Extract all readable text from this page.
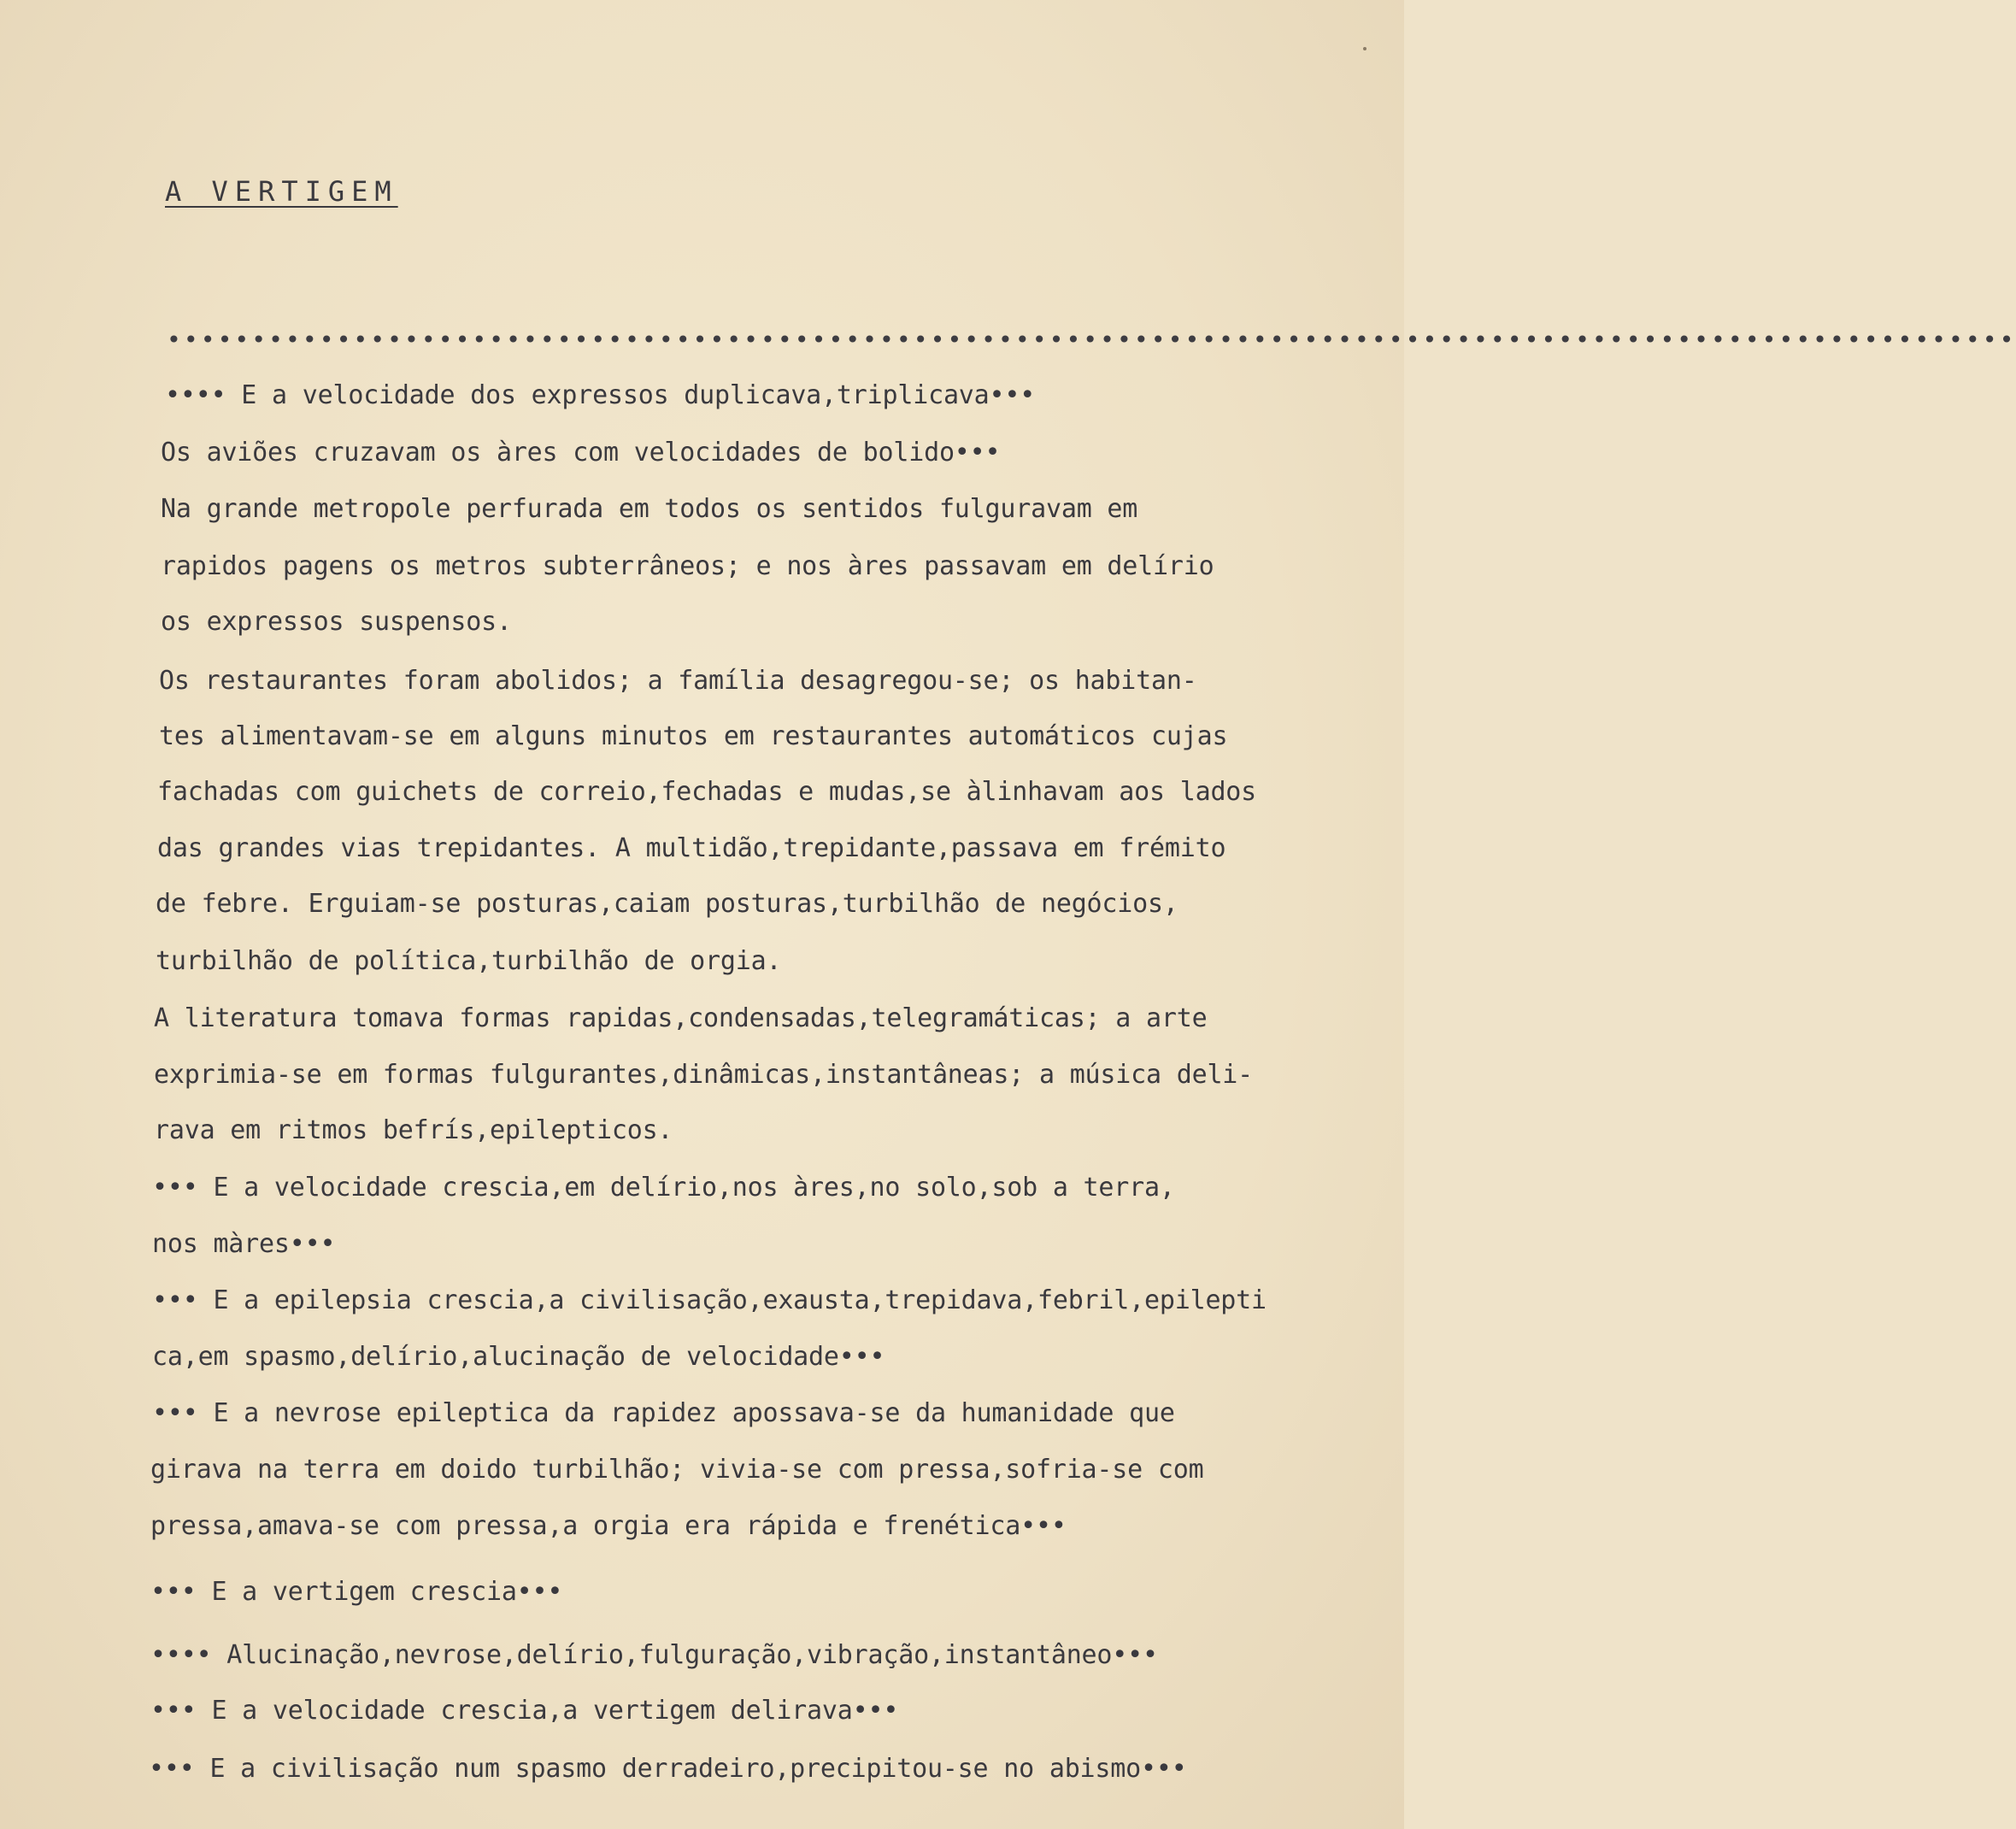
A VERTIGEM
•••••••••••••••••••••••••••••••••••••••••••••••••••••••••••••••••••••••••••••••••••••••••••••••••••••••••••••

•••• E a velocidade dos expressos duplicava,triplicava•••

Os aviões cruzavam os àres com velocidades de bolido•••

Na grande metropole perfurada em todos os sentidos fulguravam em

rapidos pagens os metros subterrâneos; e nos àres passavam em delírio

os expressos suspensos.

Os restaurantes foram abolidos; a família desagregou-se; os habitan-

tes alimentavam-se em alguns minutos em restaurantes automáticos cujas

fachadas com guichets de correio,fechadas e mudas,se àlinhavam aos lados

das grandes vias trepidantes. A multidão,trepidante,passava em frémito

de febre. Erguiam-se posturas,caiam posturas,turbilhão de negócios,

turbilhão de política,turbilhão de orgia.

A literatura tomava formas rapidas,condensadas,telegramáticas; a arte

exprimia-se em formas fulgurantes,dinâmicas,instantâneas; a música deli-

rava em ritmos befrís,epilepticos.

••• E a velocidade crescia,em delírio,nos àres,no solo,sob a terra,

nos màres•••

••• E a epilepsia crescia,a civilisação,exausta,trepidava,febril,epilepti

ca,em spasmo,delírio,alucinação de velocidade•••

••• E a nevrose epileptica da rapidez apossava-se da humanidade que

girava na terra em doido turbilhão; vivia-se com pressa,sofria-se com

pressa,amava-se com pressa,a orgia era rápida e frenética•••

••• E a vertigem crescia•••

•••• Alucinação,nevrose,delírio,fulguração,vibração,instantâneo•••

••• E a velocidade crescia,a vertigem delirava•••

••• E a civilisação num spasmo derradeiro,precipitou-se no abismo•••
